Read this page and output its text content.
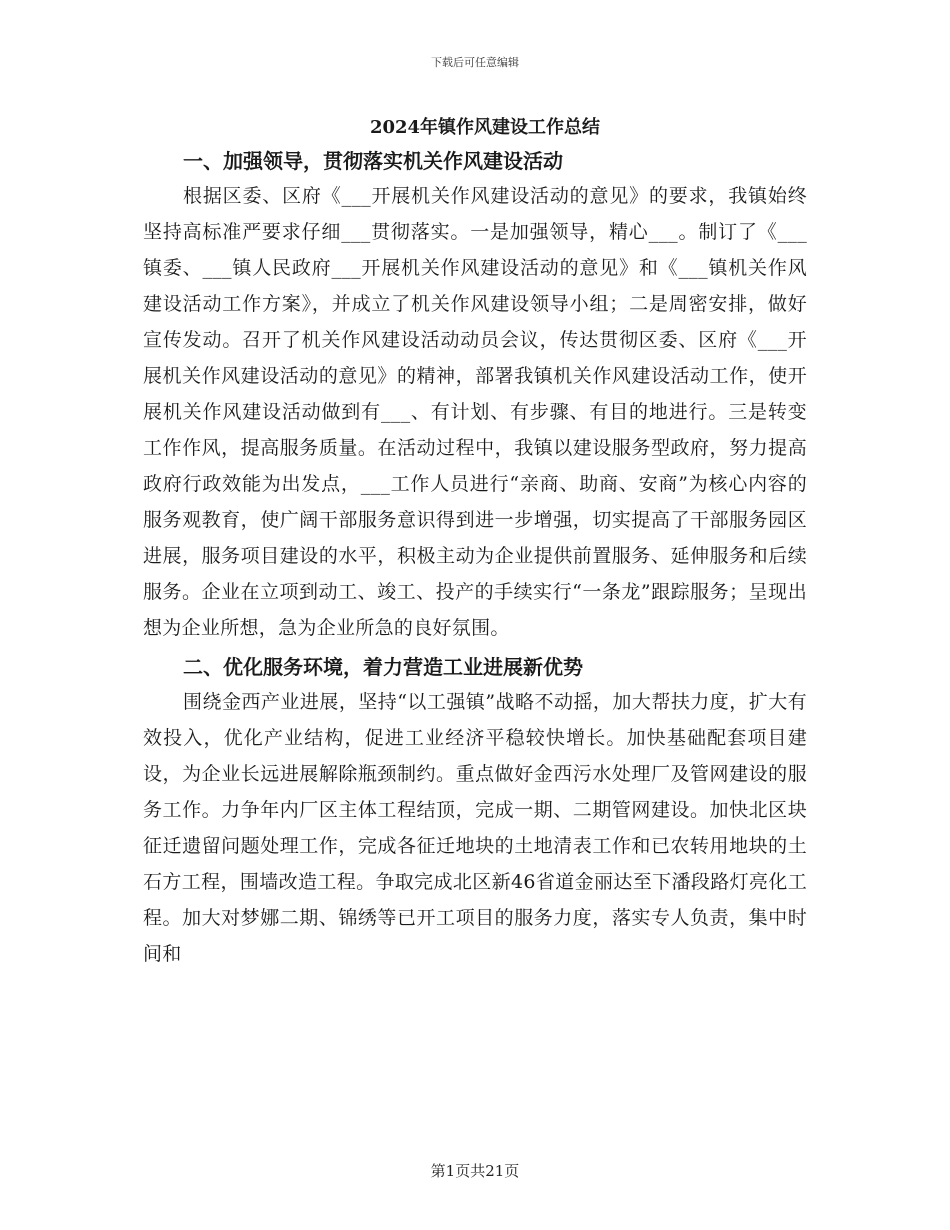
下载后可任意编辑
2024年镇作风建设工作总结
一、加强领导，贯彻落实机关作风建设活动

根据区委、区府《___开展机关作风建设活动的意见》的要求，我镇始终坚持高标准严要求仔细___贯彻落实。一是加强领导，精心___。制订了《___镇委、___镇人民政府___开展机关作风建设活动的意见》和《___镇机关作风建设活动工作方案》，并成立了机关作风建设领导小组；二是周密安排，做好宣传发动。召开了机关作风建设活动动员会议，传达贯彻区委、区府《___开展机关作风建设活动的意见》的精神，部署我镇机关作风建设活动工作，使开展机关作风建设活动做到有___、有计划、有步骤、有目的地进行。三是转变工作作风，提高服务质量。在活动过程中，我镇以建设服务型政府，努力提高政府行政效能为出发点，___工作人员进行“亲商、助商、安商”为核心内容的服务观教育，使广阔干部服务意识得到进一步增强，切实提高了干部服务园区进展，服务项目建设的水平，积极主动为企业提供前置服务、延伸服务和后续服务。企业在立项到动工、竣工、投产的手续实行“一条龙”跟踪服务；呈现出想为企业所想，急为企业所急的良好氛围。

二、优化服务环境，着力营造工业进展新优势

围绕金西产业进展，坚持“以工强镇”战略不动摇，加大帮扶力度，扩大有效投入，优化产业结构，促进工业经济平稳较快增长。加快基础配套项目建设，为企业长远进展解除瓶颈制约。重点做好金西污水处理厂及管网建设的服务工作。力争年内厂区主体工程结顶，完成一期、二期管网建设。加快北区块征迁遗留问题处理工作，完成各征迁地块的土地清表工作和已农转用地块的土石方工程，围墙改造工程。争取完成北区新46省道金丽达至下潘段路灯亮化工程。加大对梦娜二期、锦绣等已开工项目的服务力度，落实专人负责，集中时间和

第1页共21页
